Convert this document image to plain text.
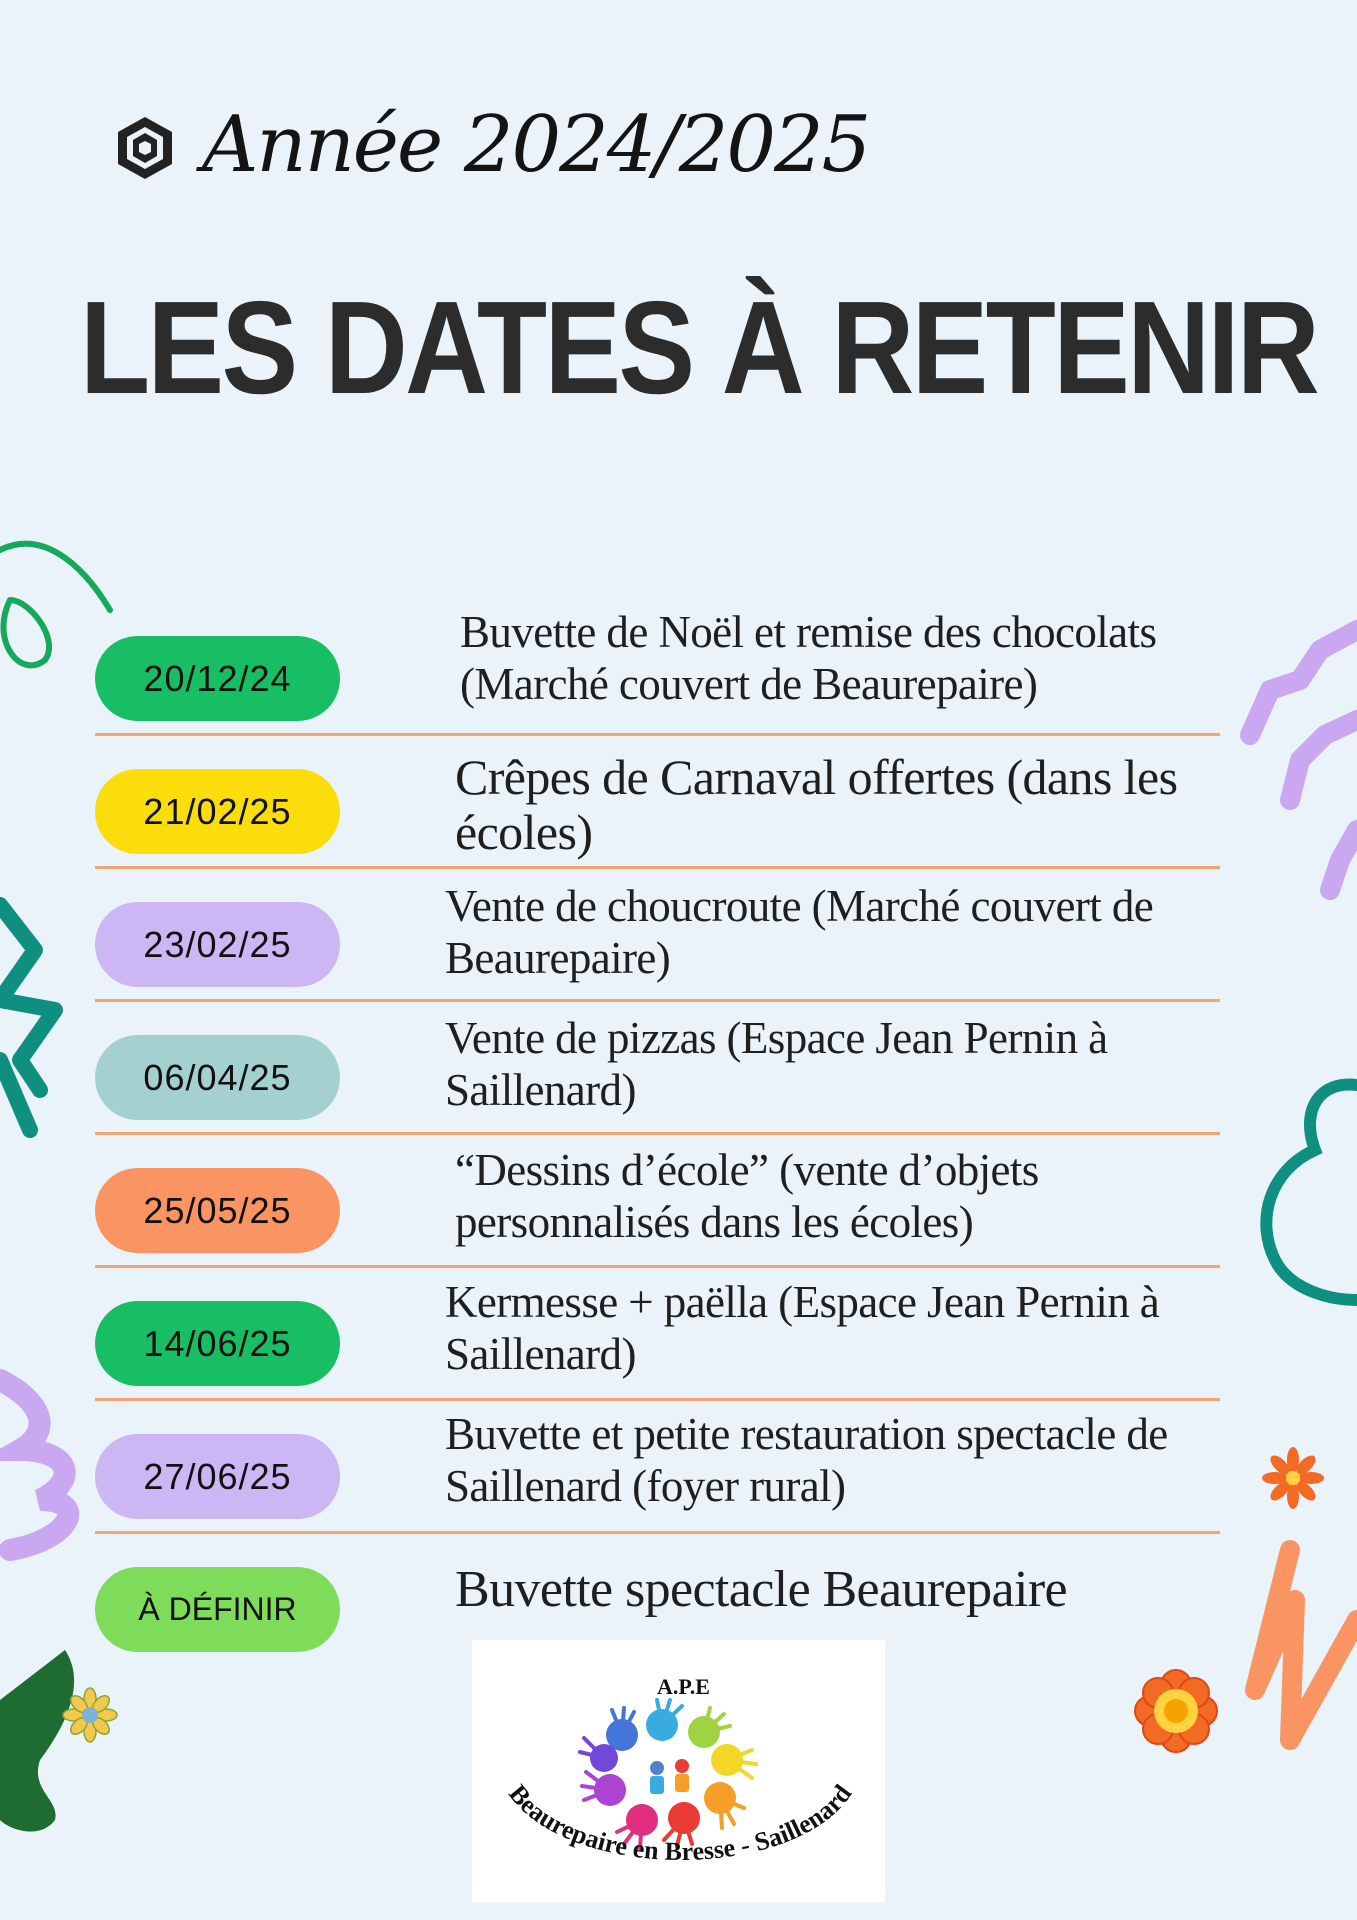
Année 2024/2025
LES DATES À RETENIR
20/12/24
Buvette de Noël et remise des chocolats (Marché couvert de Beaurepaire)
21/02/25
Crêpes de Carnaval offertes (dans les écoles)
23/02/25
Vente de choucroute (Marché couvert de Beaurepaire)
06/04/25
Vente de pizzas (Espace Jean Pernin à Saillenard)
25/05/25
“Dessins d’école” (vente d’objets personnalisés dans les écoles)
14/06/25
Kermesse + paëlla (Espace Jean Pernin à Saillenard)
27/06/25
Buvette et petite restauration spectacle de Saillenard (foyer rural)
À DÉFINIR	Buvette spectacle Beaurepaire
Beaurepaire en Bresse - Saillenard
A.P.E
